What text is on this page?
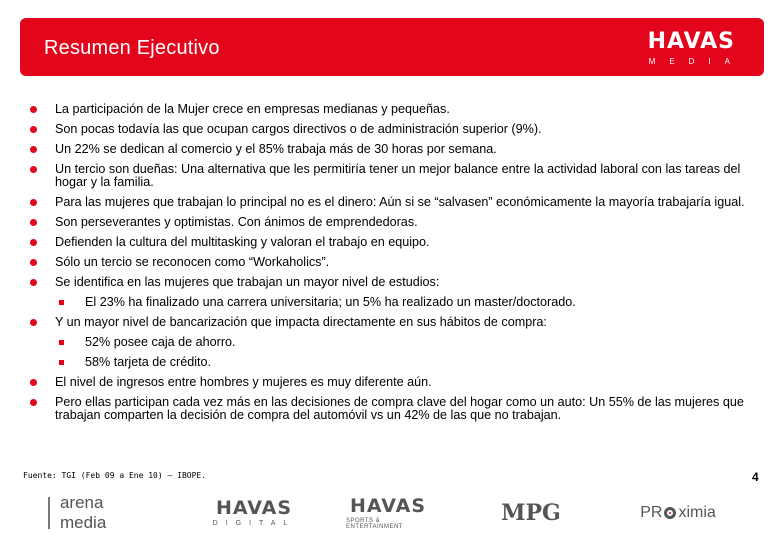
Resumen Ejecutivo	HAVAS
MEDIA
La participación de la Mujer crece en empresas medianas y pequeñas.
Son pocas todavía las que ocupan cargos directivos o de administración superior (9%).
Un 22% se dedican al comercio y el 85% trabaja más de 30 horas por semana.
Un tercio son dueñas: Una alternativa que les permitiría tener un mejor balance entre la actividad laboral con las tareas del hogar y la familia.
Para las mujeres que trabajan lo principal no es el dinero: Aún si se “salvasen” económicamente la mayoría trabajaría igual.
Son perseverantes y optimistas. Con ánimos de emprendedoras.
Defienden la cultura del multitasking y valoran el trabajo en equipo.
Sólo un tercio se reconocen como “Workaholics”.
Se identifica en las mujeres que trabajan un mayor nivel de estudios:
El 23% ha finalizado una carrera universitaria; un 5% ha realizado un master/doctorado.
Y un mayor nivel de bancarización que impacta directamente en sus hábitos de compra:
52% posee caja de ahorro.
58% tarjeta de crédito.
El nivel de ingresos entre hombres y mujeres es muy diferente aún.
Pero ellas participan cada vez más en las decisiones de compra clave del hogar como un auto: Un 55% de las mujeres que trabajan comparten la decisión de compra del automóvil vs un 42% de las que no trabajan.
Fuente: TGI (Feb 09 a Ene 10) – IBOPE.	4
arena media
HAVAS
DIGITAL
HAVAS
SPORTS & ENTERTAINMENT
MPG	PR ximia
